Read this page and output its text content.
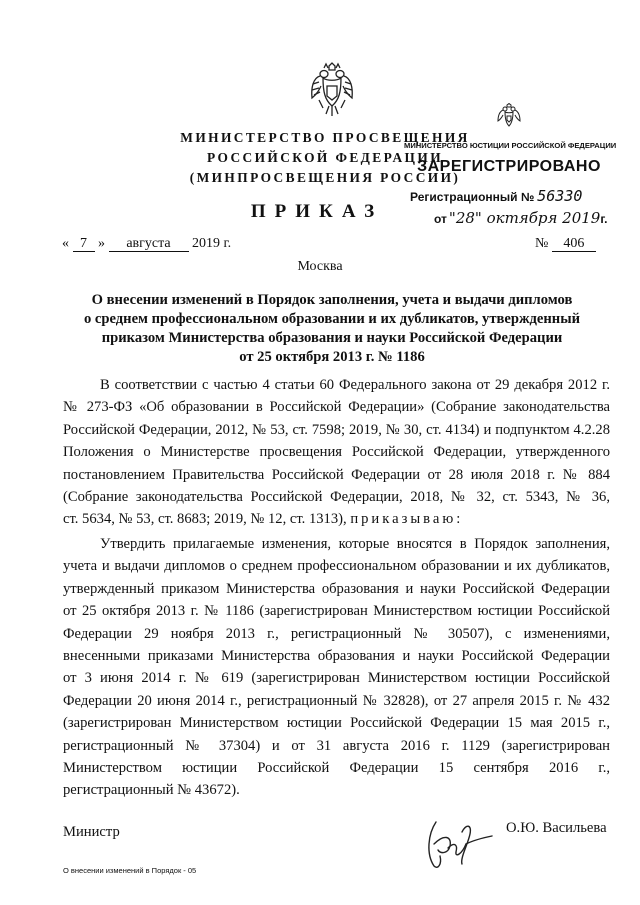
МИНИСТЕРСТВО ПРОСВЕЩЕНИЯ
РОССИЙСКОЙ ФЕДЕРАЦИИ
(МИНПРОСВЕЩЕНИЯ РОССИИ)
ПРИКАЗ
МИНИСТЕРСТВО ЮСТИЦИИ РОССИЙСКОЙ ФЕДЕРАЦИИ
ЗАРЕГИСТРИРОВАНО
Регистрационный № 56330
от "28" октября 2019г.
« 7 » августа 2019 г.	№ 406
Москва
О внесении изменений в Порядок заполнения, учета и выдачи дипломов
о среднем профессиональном образовании и их дубликатов, утвержденный
приказом Министерства образования и науки Российской Федерации
от 25 октября 2013 г. № 1186
В соответствии с частью 4 статьи 60 Федерального закона от 29 декабря 2012 г.
№ 273-ФЗ «Об образовании в Российской Федерации» (Собрание законодательства
Российской Федерации, 2012, № 53, ст. 7598; 2019, № 30, ст. 4134) и подпунктом 4.2.28
Положения о Министерстве просвещения Российской Федерации, утвержденного
постановлением Правительства Российской Федерации от 28 июля 2018 г. № 884
(Собрание законодательства Российской Федерации, 2018, № 32, ст. 5343, № 36,
ст. 5634, № 53, ст. 8683; 2019, № 12, ст. 1313), приказываю:
Утвердить прилагаемые изменения, которые вносятся в Порядок заполнения,
учета и выдачи дипломов о среднем профессиональном образовании и их дубликатов,
утвержденный приказом Министерства образования и науки Российской Федерации
от 25 октября 2013 г. № 1186 (зарегистрирован Министерством юстиции Российской
Федерации 29 ноября 2013 г., регистрационный № 30507), с изменениями,
внесенными приказами Министерства образования и науки Российской Федерации
от 3 июня 2014 г. № 619 (зарегистрирован Министерством юстиции Российской
Федерации 20 июня 2014 г., регистрационный № 32828), от 27 апреля 2015 г. № 432
(зарегистрирован Министерством юстиции Российской Федерации 15 мая 2015 г.,
регистрационный № 37304) и от 31 августа 2016 г. 1129 (зарегистрирован
Министерством юстиции Российской Федерации 15 сентября 2016 г.,
регистрационный № 43672).
Министр	О.Ю. Васильева
О внесении изменений в Порядок - 05
